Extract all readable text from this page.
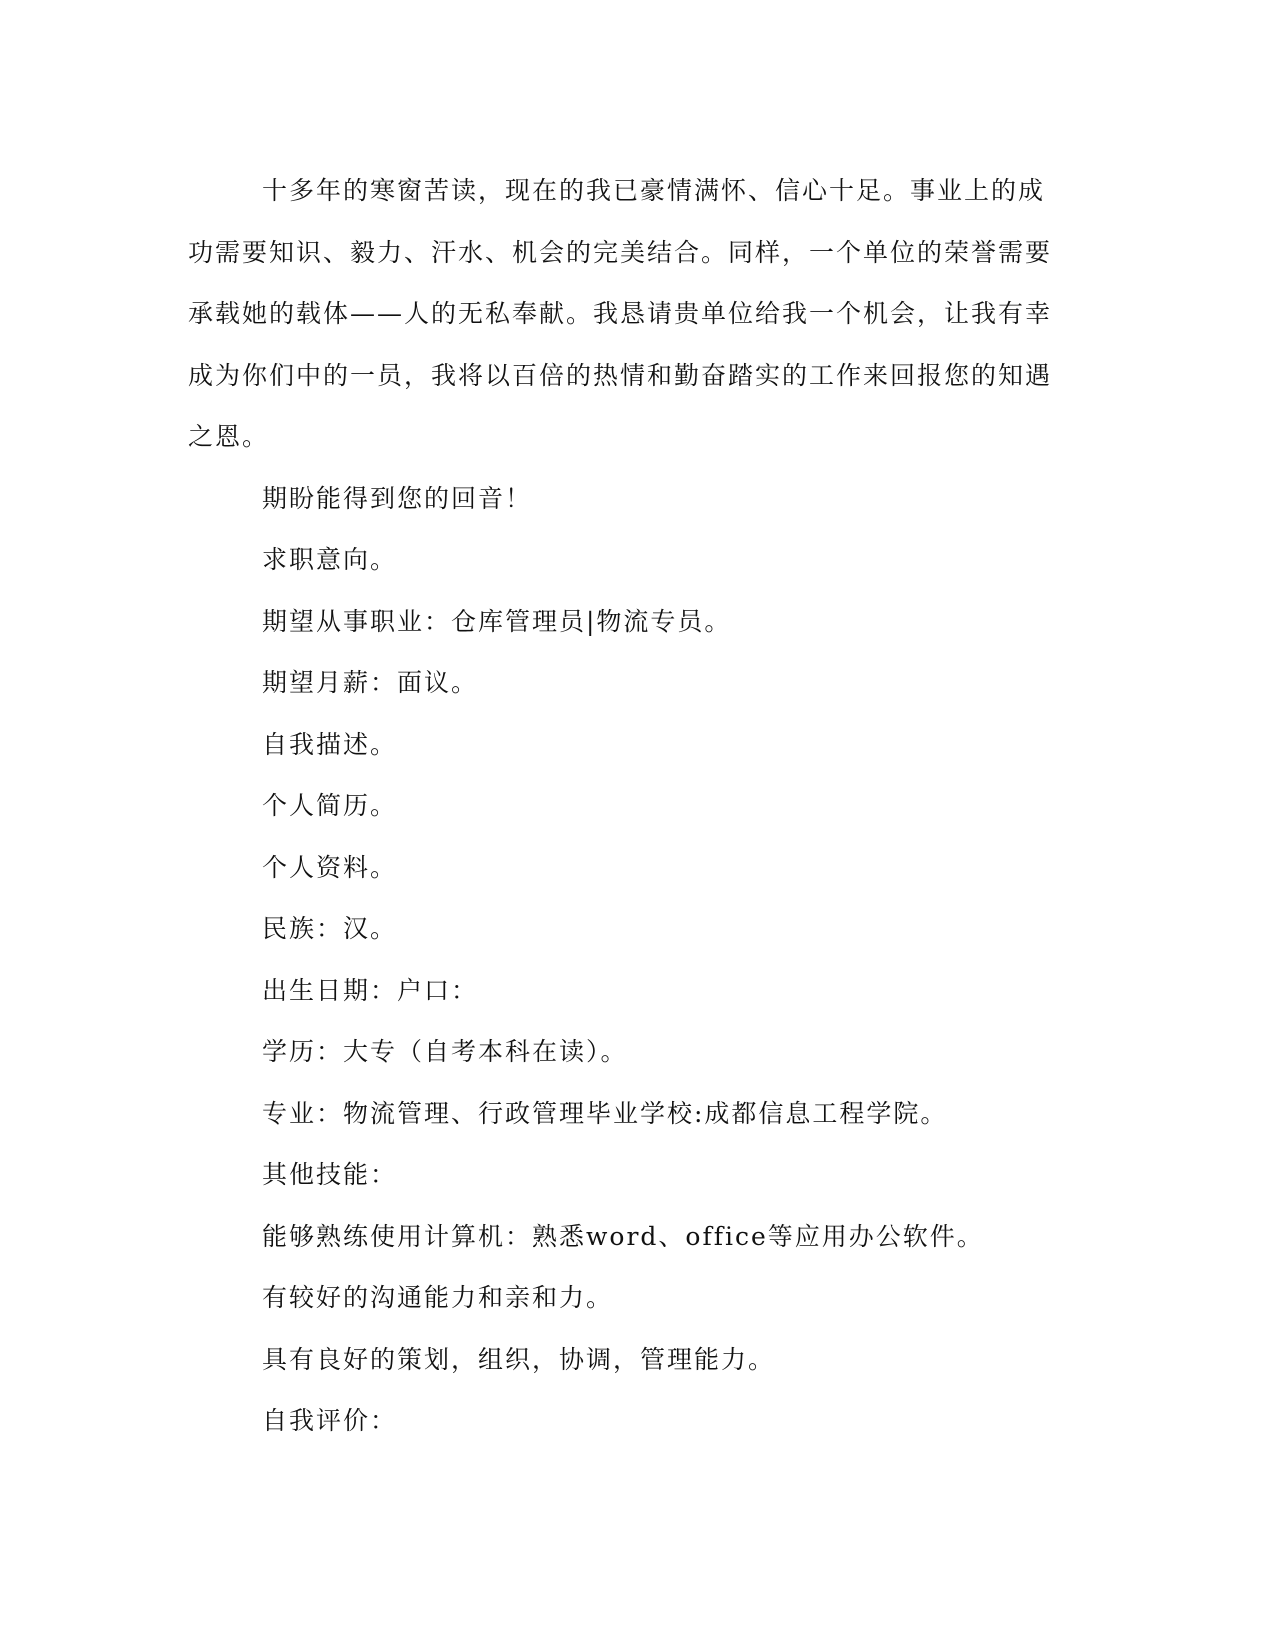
十多年的寒窗苦读，现在的我已豪情满怀、信心十足。事业上的成功需要知识、毅力、汗水、机会的完美结合。同样，一个单位的荣誉需要承载她的载体——人的无私奉献。我恳请贵单位给我一个机会，让我有幸成为你们中的一员，我将以百倍的热情和勤奋踏实的工作来回报您的知遇之恩。

期盼能得到您的回音！

求职意向。

期望从事职业：仓库管理员|物流专员。

期望月薪：面议。

自我描述。

个人简历。

个人资料。

民族：汉。

出生日期：户口：

学历：大专（自考本科在读）。

专业：物流管理、行政管理毕业学校:成都信息工程学院。

其他技能：

能够熟练使用计算机：熟悉word、office等应用办公软件。

有较好的沟通能力和亲和力。

具有良好的策划，组织，协调，管理能力。

自我评价：
